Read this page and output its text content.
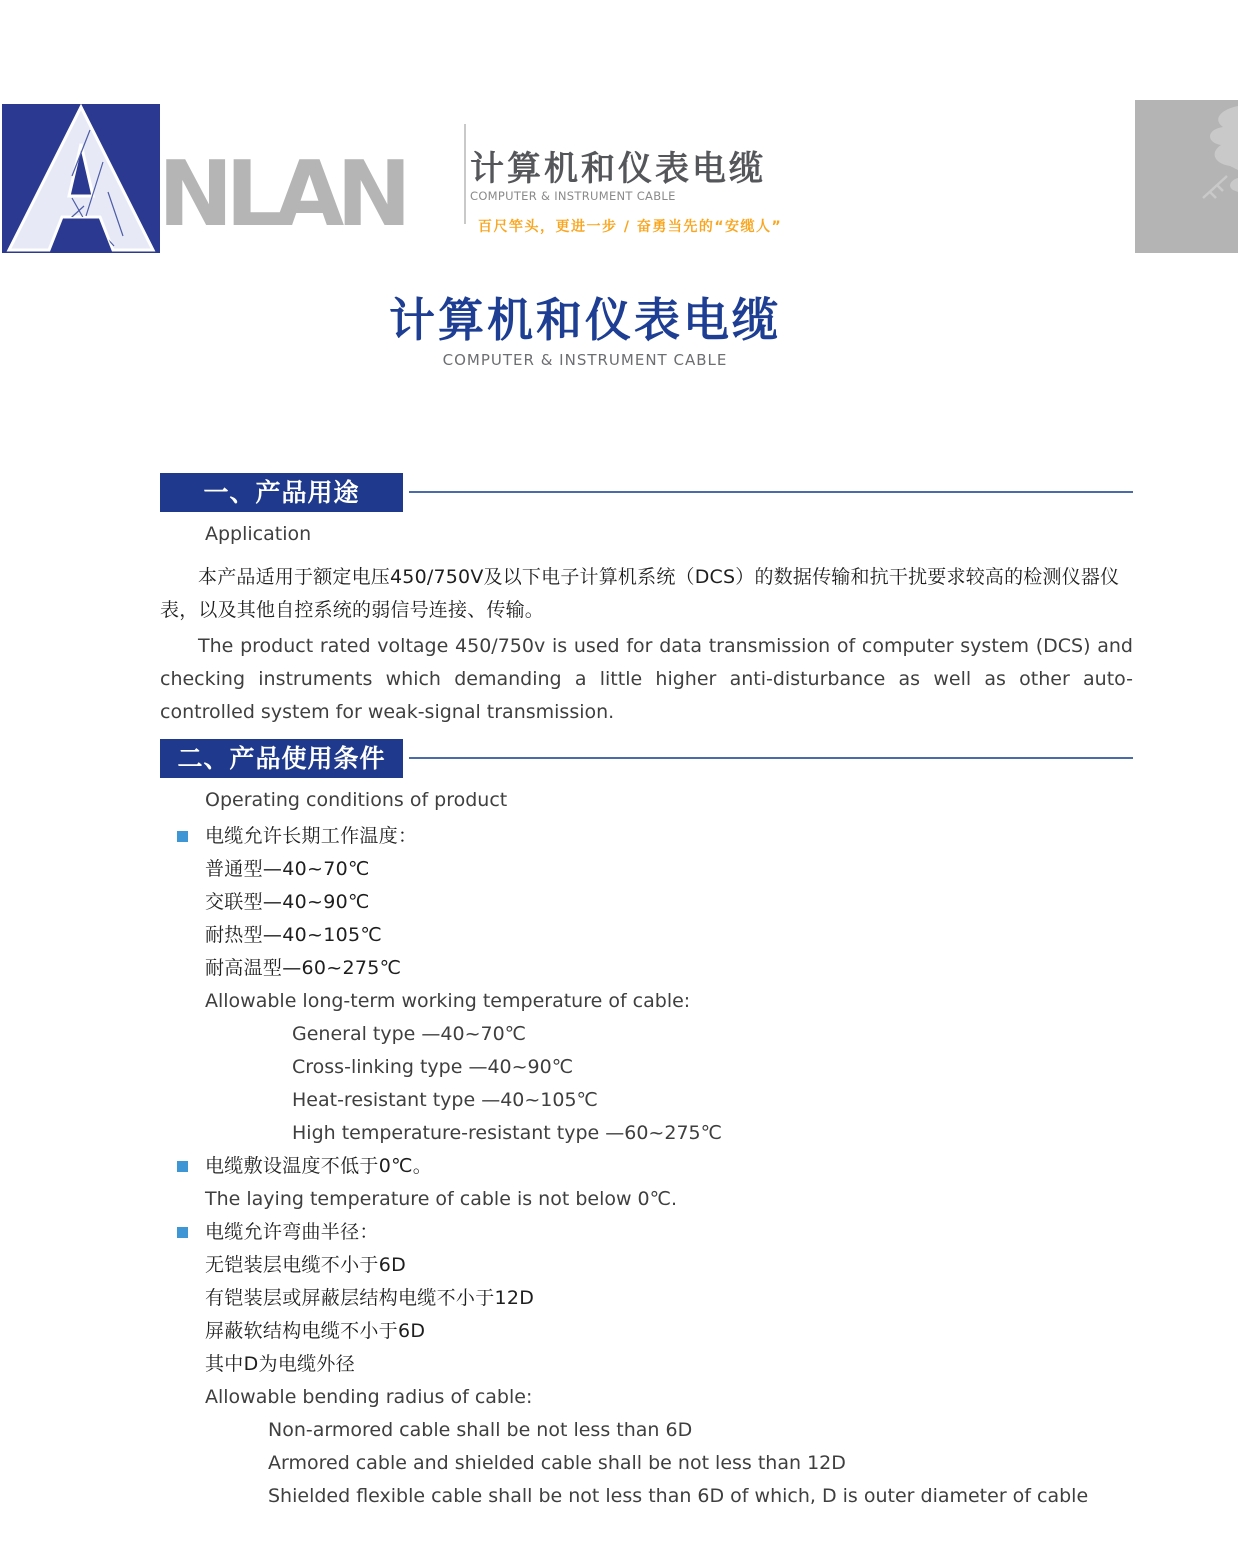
NLAN 计算机和仪表电缆
COMPUTER & INSTRUMENT CABLE
百尺竿头，更进一步 / 奋勇当先的“安缆人”
计算机和仪表电缆
COMPUTER & INSTRUMENT CABLE
一、产品用途
Application

本产品适用于额定电压450/750V及以下电子计算机系统（DCS）的数据传输和抗干扰要求较高的检测仪器仪表，以及其他自控系统的弱信号连接、传输。

The product rated voltage 450/750v is used for data transmission of computer system (DCS) and checking instruments which demanding a little higher anti-disturbance as well as other auto-controlled system for weak-signal transmission.

二、产品使用条件
Operating conditions of product
电缆允许长期工作温度：
普通型—40~70℃
交联型—40~90℃
耐热型—40~105℃
耐高温型—60~275℃
Allowable long-term working temperature of cable:
General type —40~70℃
Cross-linking type —40~90℃
Heat-resistant type —40~105℃
High temperature-resistant type —60~275℃
电缆敷设温度不低于0℃。
The laying temperature of cable is not below 0℃.
电缆允许弯曲半径：
无铠装层电缆不小于6D
有铠装层或屏蔽层结构电缆不小于12D
屏蔽软结构电缆不小于6D
其中D为电缆外径
Allowable bending radius of cable:
Non-armored cable shall be not less than 6D
Armored cable and shielded cable shall be not less than 12D
Shielded flexible cable shall be not less than 6D of which, D is outer diameter of cable
